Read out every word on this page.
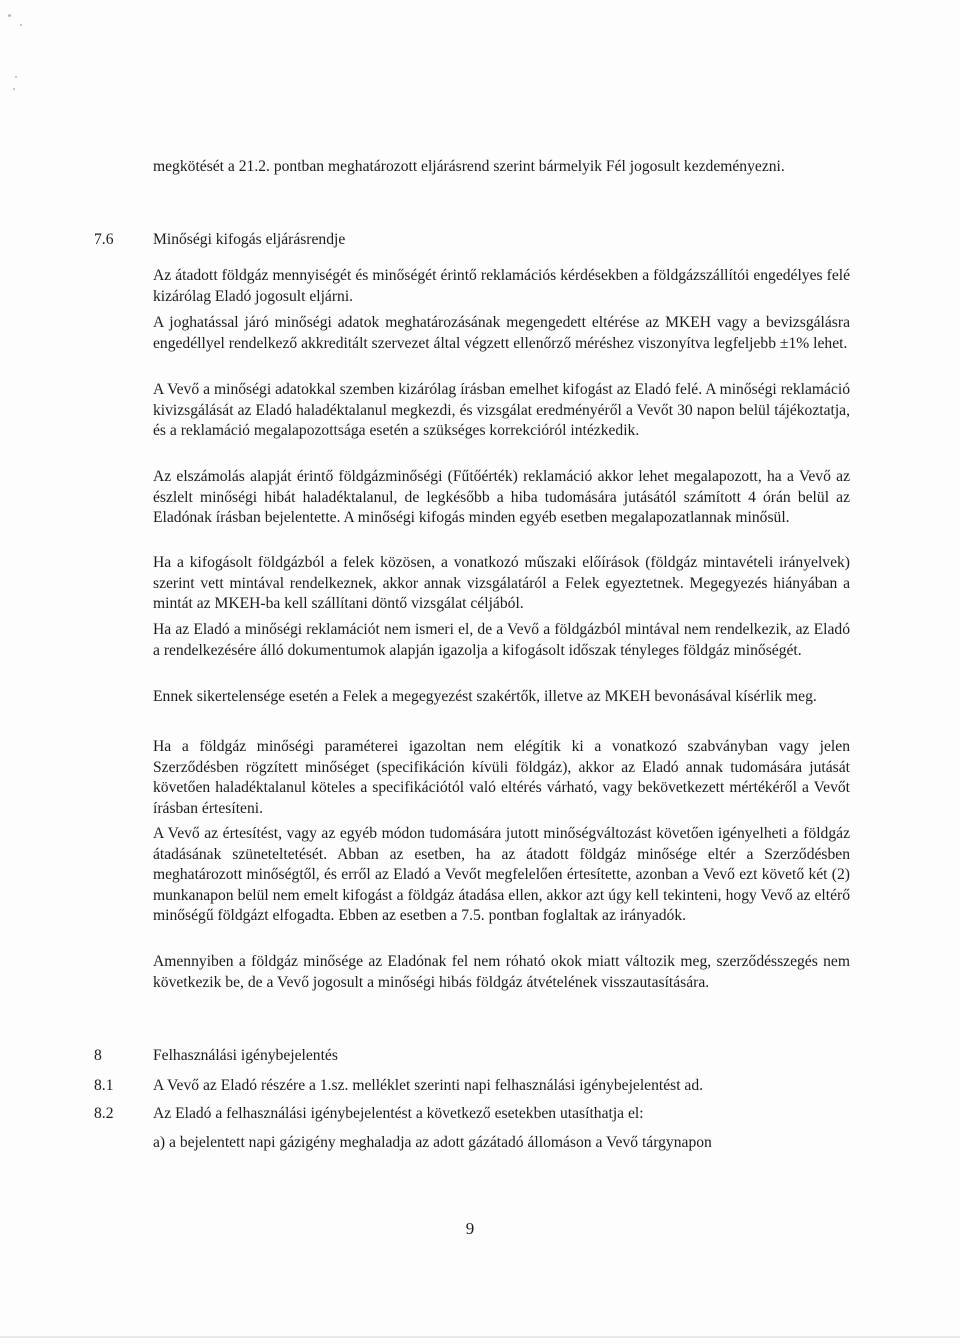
megkötését a 21.2. pontban meghatározott eljárásrend szerint bármelyik Fél jogosult kezdeményezni.

7.6	Minőségi kifogás eljárásrendje

Az átadott földgáz mennyiségét és minőségét érintő reklamációs kérdésekben a földgázszállítói engedélyes felé kizárólag Eladó jogosult eljárni.

A joghatással járó minőségi adatok meghatározásának megengedett eltérése az MKEH vagy a bevizsgálásra engedéllyel rendelkező akkreditált szervezet által végzett ellenőrző méréshez viszonyítva legfeljebb ±1% lehet.

A Vevő a minőségi adatokkal szemben kizárólag írásban emelhet kifogást az Eladó felé. A minőségi reklamáció kivizsgálását az Eladó haladéktalanul megkezdi, és vizsgálat eredményéről a Vevőt 30 napon belül tájékoztatja, és a reklamáció megalapozottsága esetén a szükséges korrekcióról intézkedik.

Az elszámolás alapját érintő földgázminőségi (Fűtőérték) reklamáció akkor lehet megalapozott, ha a Vevő az észlelt minőségi hibát haladéktalanul, de legkésőbb a hiba tudomására jutásától számított 4 órán belül az Eladónak írásban bejelentette. A minőségi kifogás minden egyéb esetben megalapozatlannak minősül.

Ha a kifogásolt földgázból a felek közösen, a vonatkozó műszaki előírások (földgáz mintavételi irányelvek) szerint vett mintával rendelkeznek, akkor annak vizsgálatáról a Felek egyeztetnek. Megegyezés hiányában a mintát az MKEH-ba kell szállítani döntő vizsgálat céljából.

Ha az Eladó a minőségi reklamációt nem ismeri el, de a Vevő a földgázból mintával nem rendelkezik, az Eladó a rendelkezésére álló dokumentumok alapján igazolja a kifogásolt időszak tényleges földgáz minőségét.

Ennek sikertelensége esetén a Felek a megegyezést szakértők, illetve az MKEH bevonásával kísérlik meg.

Ha a földgáz minőségi paraméterei igazoltan nem elégítik ki a vonatkozó szabványban vagy jelen Szerződésben rögzített minőséget (specifikáción kívüli földgáz), akkor az Eladó annak tudomására jutását követően haladéktalanul köteles a specifikációtól való eltérés várható, vagy bekövetkezett mértékéről a Vevőt írásban értesíteni.

A Vevő az értesítést, vagy az egyéb módon tudomására jutott minőségváltozást követően igényelheti a földgáz átadásának szüneteltetését. Abban az esetben, ha az átadott földgáz minősége eltér a Szerződésben meghatározott minőségtől, és erről az Eladó a Vevőt megfelelően értesítette, azonban a Vevő ezt követő két (2) munkanapon belül nem emelt kifogást a földgáz átadása ellen, akkor azt úgy kell tekinteni, hogy Vevő az eltérő minőségű földgázt elfogadta. Ebben az esetben a 7.5. pontban foglaltak az irányadók.

Amennyiben a földgáz minősége az Eladónak fel nem róható okok miatt változik meg, szerződésszegés nem következik be, de a Vevő jogosult a minőségi hibás földgáz átvételének visszautasítására.

8	Felhasználási igénybejelentés

8.1	A Vevő az Eladó részére a 1.sz. melléklet szerinti napi felhasználási igénybejelentést ad.

8.2	Az Eladó a felhasználási igénybejelentést a következő esetekben utasíthatja el:

a) a bejelentett napi gázigény meghaladja az adott gázátadó állomáson a Vevő tárgynapon

9
